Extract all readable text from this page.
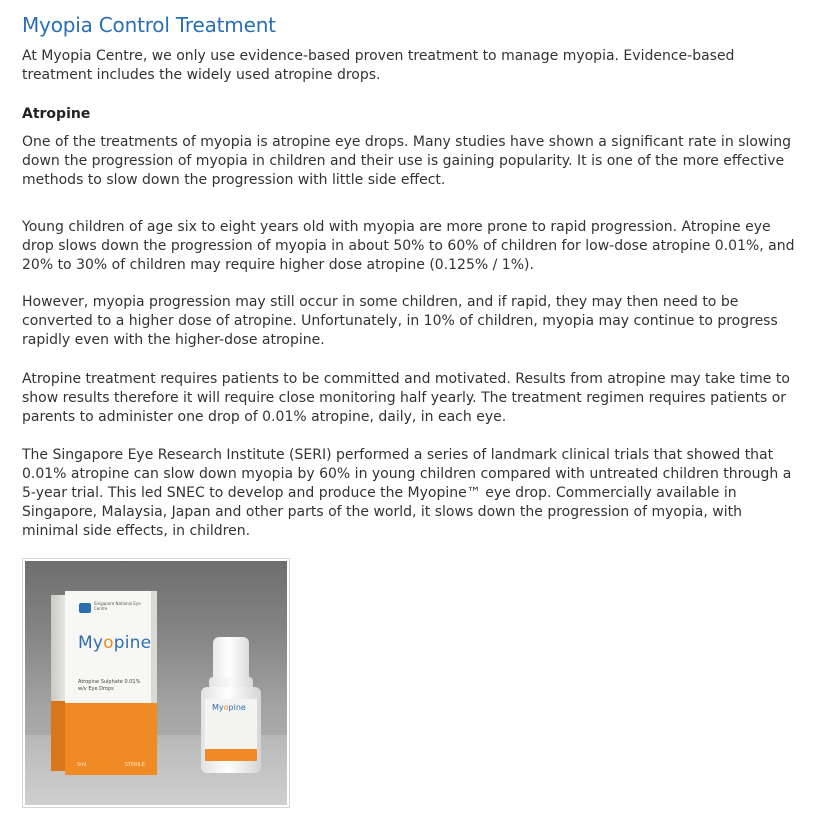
Myopia Control Treatment

At Myopia Centre, we only use evidence-based proven treatment to manage myopia. Evidence-based treatment includes the widely used atropine drops.

Atropine

One of the treatments of myopia is atropine eye drops. Many studies have shown a significant rate in slowing down the progression of myopia in children and their use is gaining popularity. It is one of the more effective methods to slow down the progression with little side effect.

Young children of age six to eight years old with myopia are more prone to rapid progression. Atropine eye drop slows down the progression of myopia in about 50% to 60% of children for low-dose atropine 0.01%, and 20% to 30% of children may require higher dose atropine (0.125% / 1%).

However, myopia progression may still occur in some children, and if rapid, they may then need to be converted to a higher dose of atropine. Unfortunately, in 10% of children, myopia may continue to progress rapidly even with the higher-dose atropine.

Atropine treatment requires patients to be committed and motivated. Results from atropine may take time to show results therefore it will require close monitoring half yearly. The treatment regimen requires patients or parents to administer one drop of 0.01% atropine, daily, in each eye.

The Singapore Eye Research Institute (SERI) performed a series of landmark clinical trials that showed that 0.01% atropine can slow down myopia by 60% in young children compared with untreated children through a 5-year trial. This led SNEC to develop and produce the Myopine™ eye drop. Commercially available in Singapore, Malaysia, Japan and other parts of the world, it slows down the progression of myopia, with minimal side effects, in children.

Singapore National Eye Centre
Myopine
Atropine Sulphate 0.01% w/v Eye Drops
5ml	STERILE
Myopine
